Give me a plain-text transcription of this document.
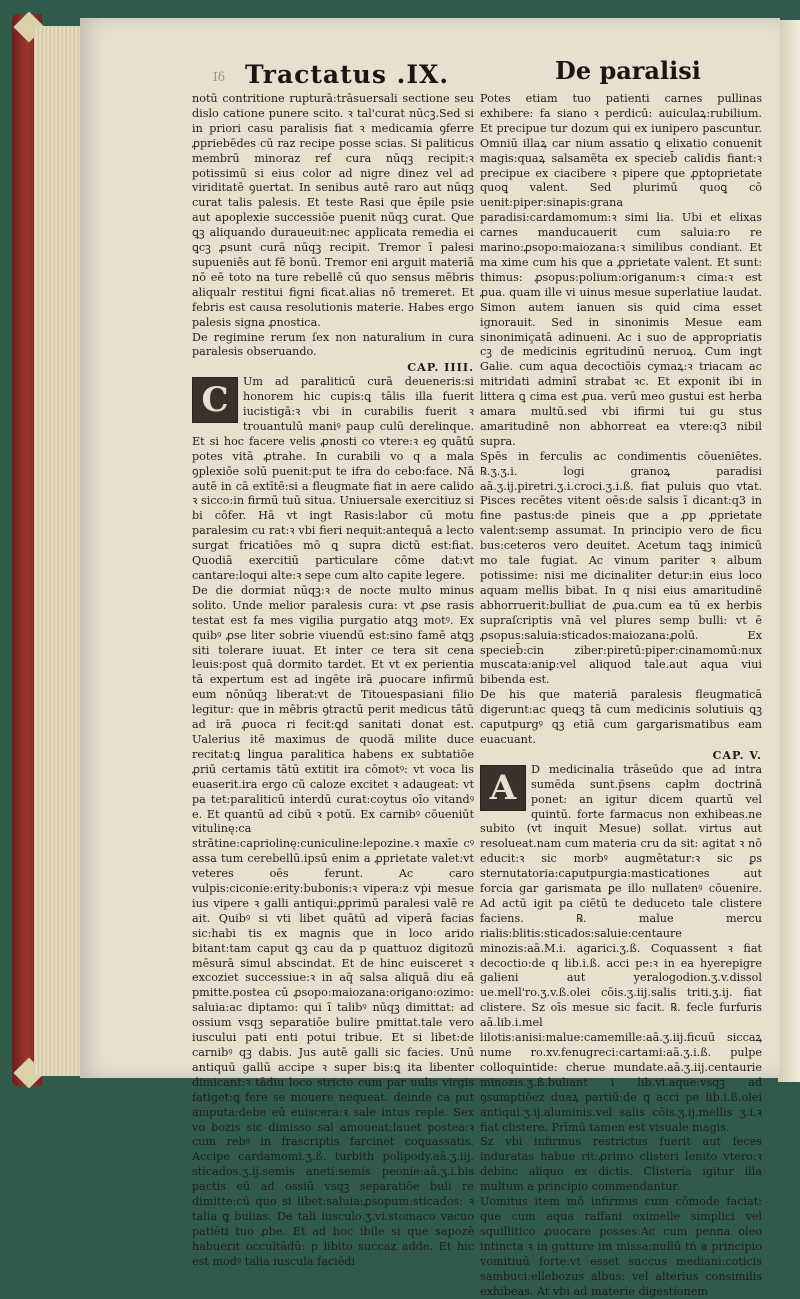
Iδ Tractatus .IX.	De paralisi

notū contritione rupturā:trāsuersali sectione seu dislo catione punere scito. ꝛ tal'curat nūcꝫ.Sed si in priori casu paralisis fiat ꝛ medicamia ꝯferre ꝓpriebēdes cū raz recipe posse scias. Si paliticus membrū minoraz ref cura nūqꝫ recipit:ꝛ potissimū si eius color ad nigre dinez vel ad viriditatē ꝯuertat. In senibus autē raro aut nūqꝫ curat talis palesis. Et teste Rasi que ēpile psie aut apoplexie successiōe puenit nūqꝫ curat. Que ꝗꝫ aliquando duraueuit:nec applicata remedia ei ꝗcꝫ ꝓsunt curā nūqꝫ recipit. Tremor ī palesi supueniēs aut fē bonū. Tremor eni arguit materiā nō eē toto na ture rebellē cū quo sensus mēbris aliqualr restitui figni ficat.alias nō tremeret. Et febris est causa resolutionis materie. Habes ergo palesis signa ꝓnostica.

De regimine rerum ſex non naturalium in cura paralesis obseruando.

CAP. IIII.

C	Um ad paraliticū curā deueneris:si honorem hic cupis:ꝗ tālis illa fuerit iucistigā:ꝛ vbi in curabilis fuerit ꝛ trouantulū maniꝰ paup culū derelinque. Et si hoc facere velis ꝓnosti co vtere:ꝛ eꝯ quātū potes vitā ꝓtrahe. In curabili vo q a mala ꝯplexiōe solū puenit:put te ifra do cebo:face. Nā autē in cā extītē:si a fleugmate fiat in aere calido ꝛ sicco:in firmū tuū situa. Uniuersale exercitiuz si bi cōfer. Hā vt ingt Rasis:labor cū motu paralesim cu rat:ꝛ vbi fieri nequit:antequā a lecto surgat fricatiōes mō ꝗ supra dictū est:fiat. Quodiā exercitiū particulare cōme dat:vt cantare:loqui alte:ꝛ sepe cum alto capite legere.

De die dormiat nūqꝫ:ꝛ de nocte multo minus solito. Unde melior paralesis cura: vt ꝓse rasis testat est fa mes vigilia purgatio atꝗꝫ motꝰ. Ex quibꝰ ꝓse liter sobrie viuendū est:sino famē atꝗꝫ siti tolerare iuuat. Et inter ce tera sit cena leuis:post quā dormito tardet. Et vt ex perientia tā expertum est ad ingēte irā ꝓuocare infirmū eum nōnūqꝫ liberat:vt de Titouespasiani filio legitur: que in mēbris ꝯtractū perit medicus tātū ad irā ꝓuoca ri fecit:ꝗd sanitati donat est. Ualerius itē maximus de quodā milite duce recitat:ꝗ lingua paralitica habens ex subtatiōe ꝓriū certamis tātū extitit ira cōmotꝰ: vt voca lis euaserit.ira ergo cū caloze excitet ꝛ adaugeat: vt pa tet:paraliticū interdū curat:coytus oīo vitandꝰ e. Et quantū ad cibū ꝛ potū. Ex carnibꝰ cōueniūt vitulinę:ca strātine:capriolinę:cuniculine:lepozine.ꝛ maxīe cꝰ assa tum cerebellū.ipsū enim a ꝓprietate valet:vt veteres oēs ferunt. Ac caro vulpis:ciconie:erity:bubonis:ꝛ vipera:z vṗi mesue ius vipere ꝛ galli antiqui:ꝓprimū paralesi valē re ait. Quibꝰ si vti libet quātū ad viperā facias sic:habi tis ex magnis que in loco arido bitant:tam caput ꝗꝫ cau da p quattuoz digitozū mēsurā simul abscindat. Et de hinc euisceret ꝛ excoziet successiue:ꝛ in aq̄ salsa aliquā diu eā pmitte.postea cū ꝓsopo:maiozana:origano:ozimo: saluia:ac diptamo: qui ī talibꝰ nūqꝫ dimittat: ad ossium vsqꝫ separatiōe bulire pmittat.tale vero iuscului pati enti potui tribue. Et si libet:de carnibꝰ qꝫ dabis. Jus autē galli sic facies. Unū antiquū gallū accipe ꝛ super bis:ꝗ ita libenter dimicant:ꝛ tādiu loco stricto cum par uulis virgis fatiget:ꝗ fere se mouere nequeat. deinde ca put amputa:debe eū euiscera:ꝛ sale intus reple. Sex vo bozis sic dimisso sal amoueat:lauet postea:ꝛ cum rebꝰ in frascriptis farcinet coꝗuassatis. Accipe cardamomi.ʒ.ß. turbith polipody.aā.ʒ.iij. sticados.ʒ.ij.semis aneti:semis peonie:aā.ʒ.i.bis pactis eū ad ossiū vsqꝫ separatiōe buli re dimitte:cū quo si libet:saluia:ꝓsopum:sticados: ꝛ talia ꝗ bulias. De tali iusculo.ʒ.vi.stomaco vacuo patiēti tuo ꝓbe. Et ad hoc ibile si que sapozē habuerit occultādū: p libito succaz adde. Et hic est modꝰ talia iuscula faciēdi

Potes etiam tuo patienti carnes pullinas exhibere: fa siano ꝛ perdicū: auiculaꝝ:rubilium. Et precipue tur dozum qui ex iunipero pascuntur. Omniū illaꝝ car nium assatio ꝗ elixatio conuenit magis:quaꝝ salsamēta ex specieb̄ calidis fiant:ꝛ precipue ex ciacibere ꝛ pipere que ꝓptoprietate quoꝗ valent. Sed plurimū quoꝗ cō uenit:piper:sinapis:grana paradisi:cardamomum:ꝛ simi lia. Ubi et elixas carnes manducauerit cum saluia:ro re marino:ꝓsopo:maiozana:ꝛ similibus condiant. Et ma xime cum his que a ꝓprietate valent. Et sunt: thimus: ꝓsopus:polium:origanum:ꝛ cima:ꝛ est ꝓua. quam ille vi uinus mesue superlatiue laudat. Simon autem ianuen sis quid cima esset ignorauit. Sed in sinonimis Mesue eam sinonimiçatā adinueni. Ac i suo de appropriatis cꝫ de medicinis egritudinū neruoꝝ. Cum ingt Galie. cum aqua decoctiōis cymaꝝ:ꝛ triacam ac mitridati adminī strabat ꝛc. Et exponit ibi in littera ꝗ cima est ꝓua. verū meo gustui est herba amara multū.sed vbi ifirmi tui gu stus amaritudinē non abhorreat ea vtere:q3 nibil supra.

Spēs in ferculis ac condimentis cōueniētes. ℞.ʒ.ʒ.i. logi granoꝝ paradisi aā.ʒ.ij.piretri.ʒ.i.croci.ʒ.i.ß. fiat puluis quo vtat. Pisces recētes vitent oēs:de salsis ī dicant:q3 in fine pastus:de pineis que a ꝓp ꝓprietate valent:semp assumat. In principio vero de ficu bus:ceteros vero deuitet. Acetum taꝗꝫ inimicū mo tale fugiat. Ac vinum pariter ꝛ album potissime: nisi me dicinaliter detur:in eius loco aquam mellis bibat. In q nisi eius amaritudinē abhorruerit:bulliat de ꝓua.cum ea tū ex herbis supraſcriptis vnā vel plures semp bulli: vt ē ꝓsopus:saluia:sticados:maiozana:ꝓolū. Ex specieb̄:cin ziber:piretū:piper:cinamomū:nux muscata:aniꝑ:vel aliquod tale.aut aqua viui bibenda est.

De his que materiā paralesis fleugmaticā digerunt:ac queꝗꝫ tā cum medicinis solutiuis ꝗꝫ caputpurgꝰ ꝗꝫ etiā cum gargarismatibus eam euacuant.

CAP. V.

A	D medicinalia trāseūdo que ad intra sumēda sunt.p̄sens capłm doctrinā ponet: an igitur dicem quartū vel quintū. forte farmacus non exhibeas.ne subito (vt inquit Mesue) sollat. virtus aut resolueat.nam cum materia cru da sit: agitat ꝛ nō educit:ꝛ sic morbꝰ augmētatur:ꝛ sic ꝑs sternutatoria:caputpurgia:masticationes aut forcia gar garismata ꝑe illo nullatenꝰ cōuenire. Ad actū igit pa ciētū te deduceto tale clistere faciens. ℞. malue mercu rialis:blitis:sticados:saluie:centaure minozis:aā.M.i. agarici.ʒ.ß. Coquassent ꝛ fiat decoctio:de q lib.i.ß. acci pe:ꝛ in ea hyerepigre galieni aut yeralogodion.ʒ.v.dissol ue.mell'ro.ʒ.v.ß.olei cōis.ʒ.iij.salis triti.ʒ.ij. fiat clistere. Sz oīs mesue sic facit. ℞. fecle furfuris aā.lib.i.mel lilotis:anisi:malue:camemille:aā.ʒ.iij.ficuū siccaꝝ nume ro.xv.fenugreci:cartami:aā.ʒ.i.ß. pulpe colloquintide: cherue mundate.aā.ʒ.iij.centaurie minozis.ʒ.ß.buliant i lib.vi.aque:vsqꝫ ad ꝯsumptiōez duaꝝ partiū:de ꝗ acci pe lib.i.ß.olei antiqui.ʒ.ij.aluminis.vel salis cōis.ʒ.ij.mellis ʒ.i.ꝛ fiat clistere. Prīmū tamen est visuale magis.

Sz vbi infirmus restrictus fuerit aut feces induratas habue rit:ꝓrimo clisteri lenito vtero:ꝛ debinc aliquo ex dictis. Clisteria igitur illa multum a principio commendantur.

Uomitus item mō infirmus cum cōmode faciat: que cum aqua raffani oximelle simplici vel squillitico ꝓuocare posses:Ac cum penna oleo intincta ꝛ in gutture im missa:nullū tñ a principio vomitiuū forte:vt esset succus mediani:coticis sambuci:ellebozus albus: vel alterius consimilis exhibeas. At vbi ad materie digestionem
